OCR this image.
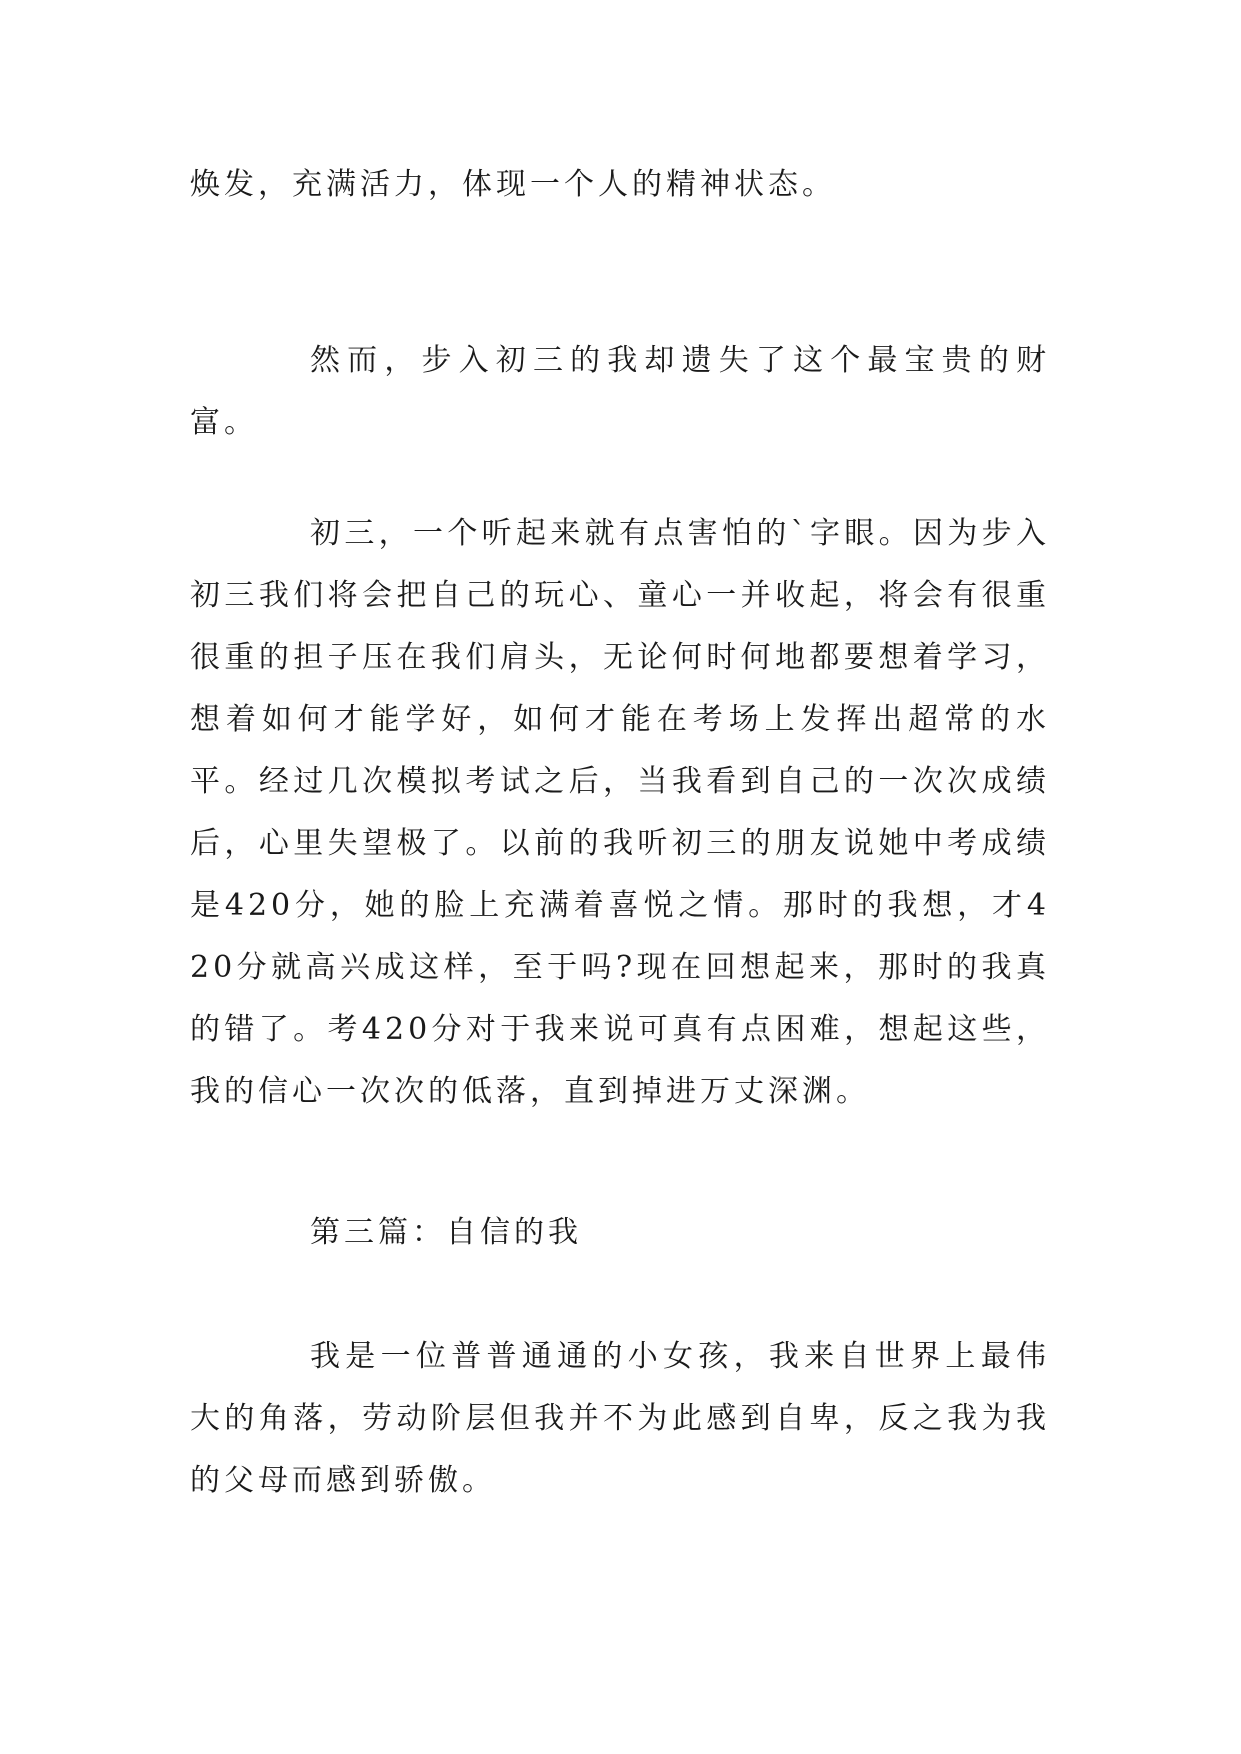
焕发，充满活力，体现一个人的精神状态。

然而，步入初三的我却遗失了这个最宝贵的财富。

初三，一个听起来就有点害怕的`字眼。因为步入初三我们将会把自己的玩心、童心一并收起，将会有很重很重的担子压在我们肩头，无论何时何地都要想着学习，想着如何才能学好，如何才能在考场上发挥出超常的水平。经过几次模拟考试之后，当我看到自己的一次次成绩后，心里失望极了。以前的我听初三的朋友说她中考成绩是420分，她的脸上充满着喜悦之情。那时的我想，才420分就高兴成这样，至于吗?现在回想起来，那时的我真的错了。考420分对于我来说可真有点困难，想起这些，我的信心一次次的低落，直到掉进万丈深渊。

第三篇：自信的我

我是一位普普通通的小女孩，我来自世界上最伟大的角落，劳动阶层但我并不为此感到自卑，反之我为我的父母而感到骄傲。
